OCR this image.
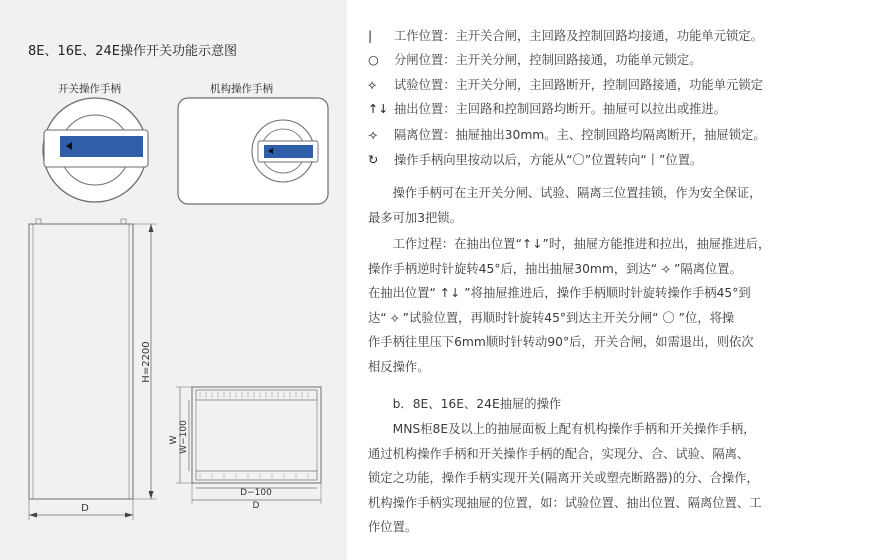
8E、16E、24E操作开关功能示意图
开关操作手柄	机构操作手柄
H=2200
D
W W−100
D−100
D
| 工作位置：主开关合闸，主回路及控制回路均接通，功能单元锁定。
○ 分闸位置：主开关分闸，控制回路接通，功能单元锁定。
⟡ 试验位置：主开关分闸，主回路断开，控制回路接通，功能单元锁定
↑↓ 抽出位置：主回路和控制回路均断开。抽屉可以拉出或推进。
⟢ 隔离位置：抽屉抽出30mm。主、控制回路均隔离断开，抽屉锁定。
↻ 操作手柄向里按动以后，方能从“〇”位置转向“丨”位置。
　　操作手柄可在主开关分闸、试验、隔离三位置挂锁，作为安全保证，
最多可加3把锁。
　　工作过程：在抽出位置“↑↓”时，抽屉方能推进和拉出，抽屉推进后，
操作手柄逆时针旋转45°后，抽出抽屉30mm，到达“ ⟢ ”隔离位置。
在抽出位置“ ↑↓ ”将抽屉推进后，操作手柄顺时针旋转操作手柄45°到
达“ ⟡ ”试验位置，再顺时针旋转45°到达主开关分闸“ 〇 ”位，将操
作手柄往里压下6mm顺时针转动90°后，开关合闸，如需退出，则依次
相反操作。
　　b．8E、16E、24E抽屉的操作
　　MNS柜8E及以上的抽屉面板上配有机构操作手柄和开关操作手柄，
通过机构操作手柄和开关操作手柄的配合，实现分、合、试验、隔离、
锁定之功能，操作手柄实现开关(隔离开关或塑壳断路器)的分、合操作，
机构操作手柄实现抽屉的位置，如：试验位置、抽出位置、隔离位置、工
作位置。
